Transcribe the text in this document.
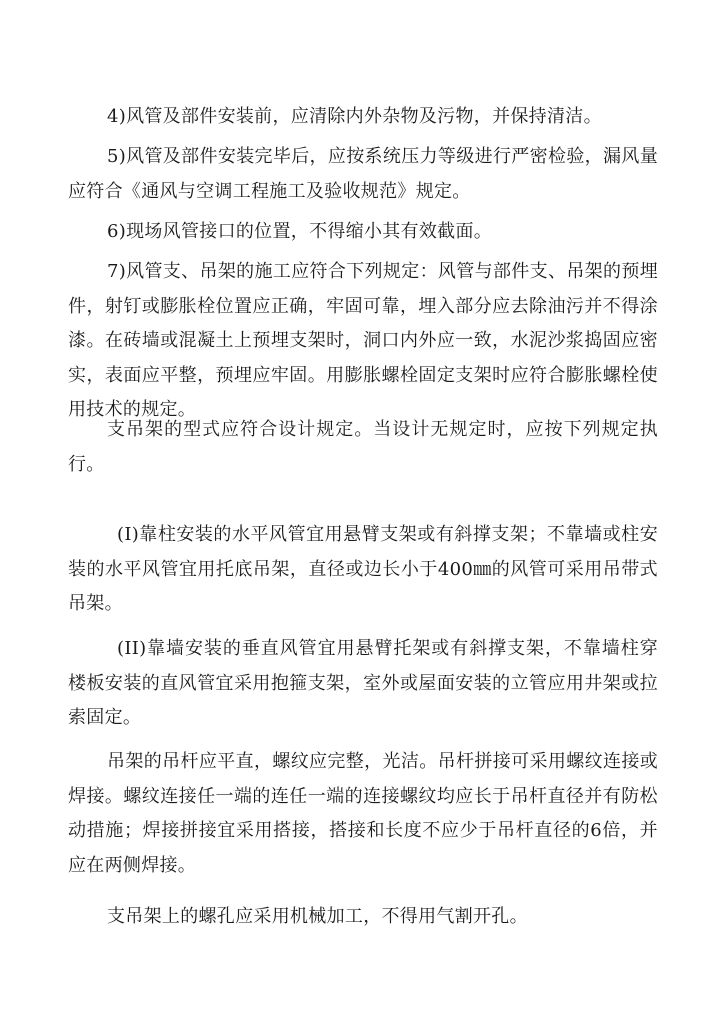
4)风管及部件安装前，应清除内外杂物及污物，并保持清洁。

5)风管及部件安装完毕后，应按系统压力等级进行严密检验，漏风量应符合《通风与空调工程施工及验收规范》规定。

6)现场风管接口的位置，不得缩小其有效截面。

7)风管支、吊架的施工应符合下列规定：风管与部件支、吊架的预埋件，射钉或膨胀栓位置应正确，牢固可靠，埋入部分应去除油污并不得涂漆。在砖墙或混凝土上预埋支架时，洞口内外应一致，水泥沙浆捣固应密实，表面应平整，预埋应牢固。用膨胀螺栓固定支架时应符合膨胀螺栓使用技术的规定。

支吊架的型式应符合设计规定。当设计无规定时，应按下列规定执行。

(I)靠柱安装的水平风管宜用悬臂支架或有斜撑支架；不靠墙或柱安装的水平风管宜用托底吊架，直径或边长小于400㎜的风管可采用吊带式吊架。

(II)靠墙安装的垂直风管宜用悬臂托架或有斜撑支架，不靠墙柱穿楼板安装的直风管宜采用抱箍支架，室外或屋面安装的立管应用井架或拉索固定。

吊架的吊杆应平直，螺纹应完整，光洁。吊杆拼接可采用螺纹连接或焊接。螺纹连接任一端的连任一端的连接螺纹均应长于吊杆直径并有防松动措施；焊接拼接宜采用搭接，搭接和长度不应少于吊杆直径的6倍，并应在两侧焊接。

支吊架上的螺孔应采用机械加工，不得用气割开孔。
